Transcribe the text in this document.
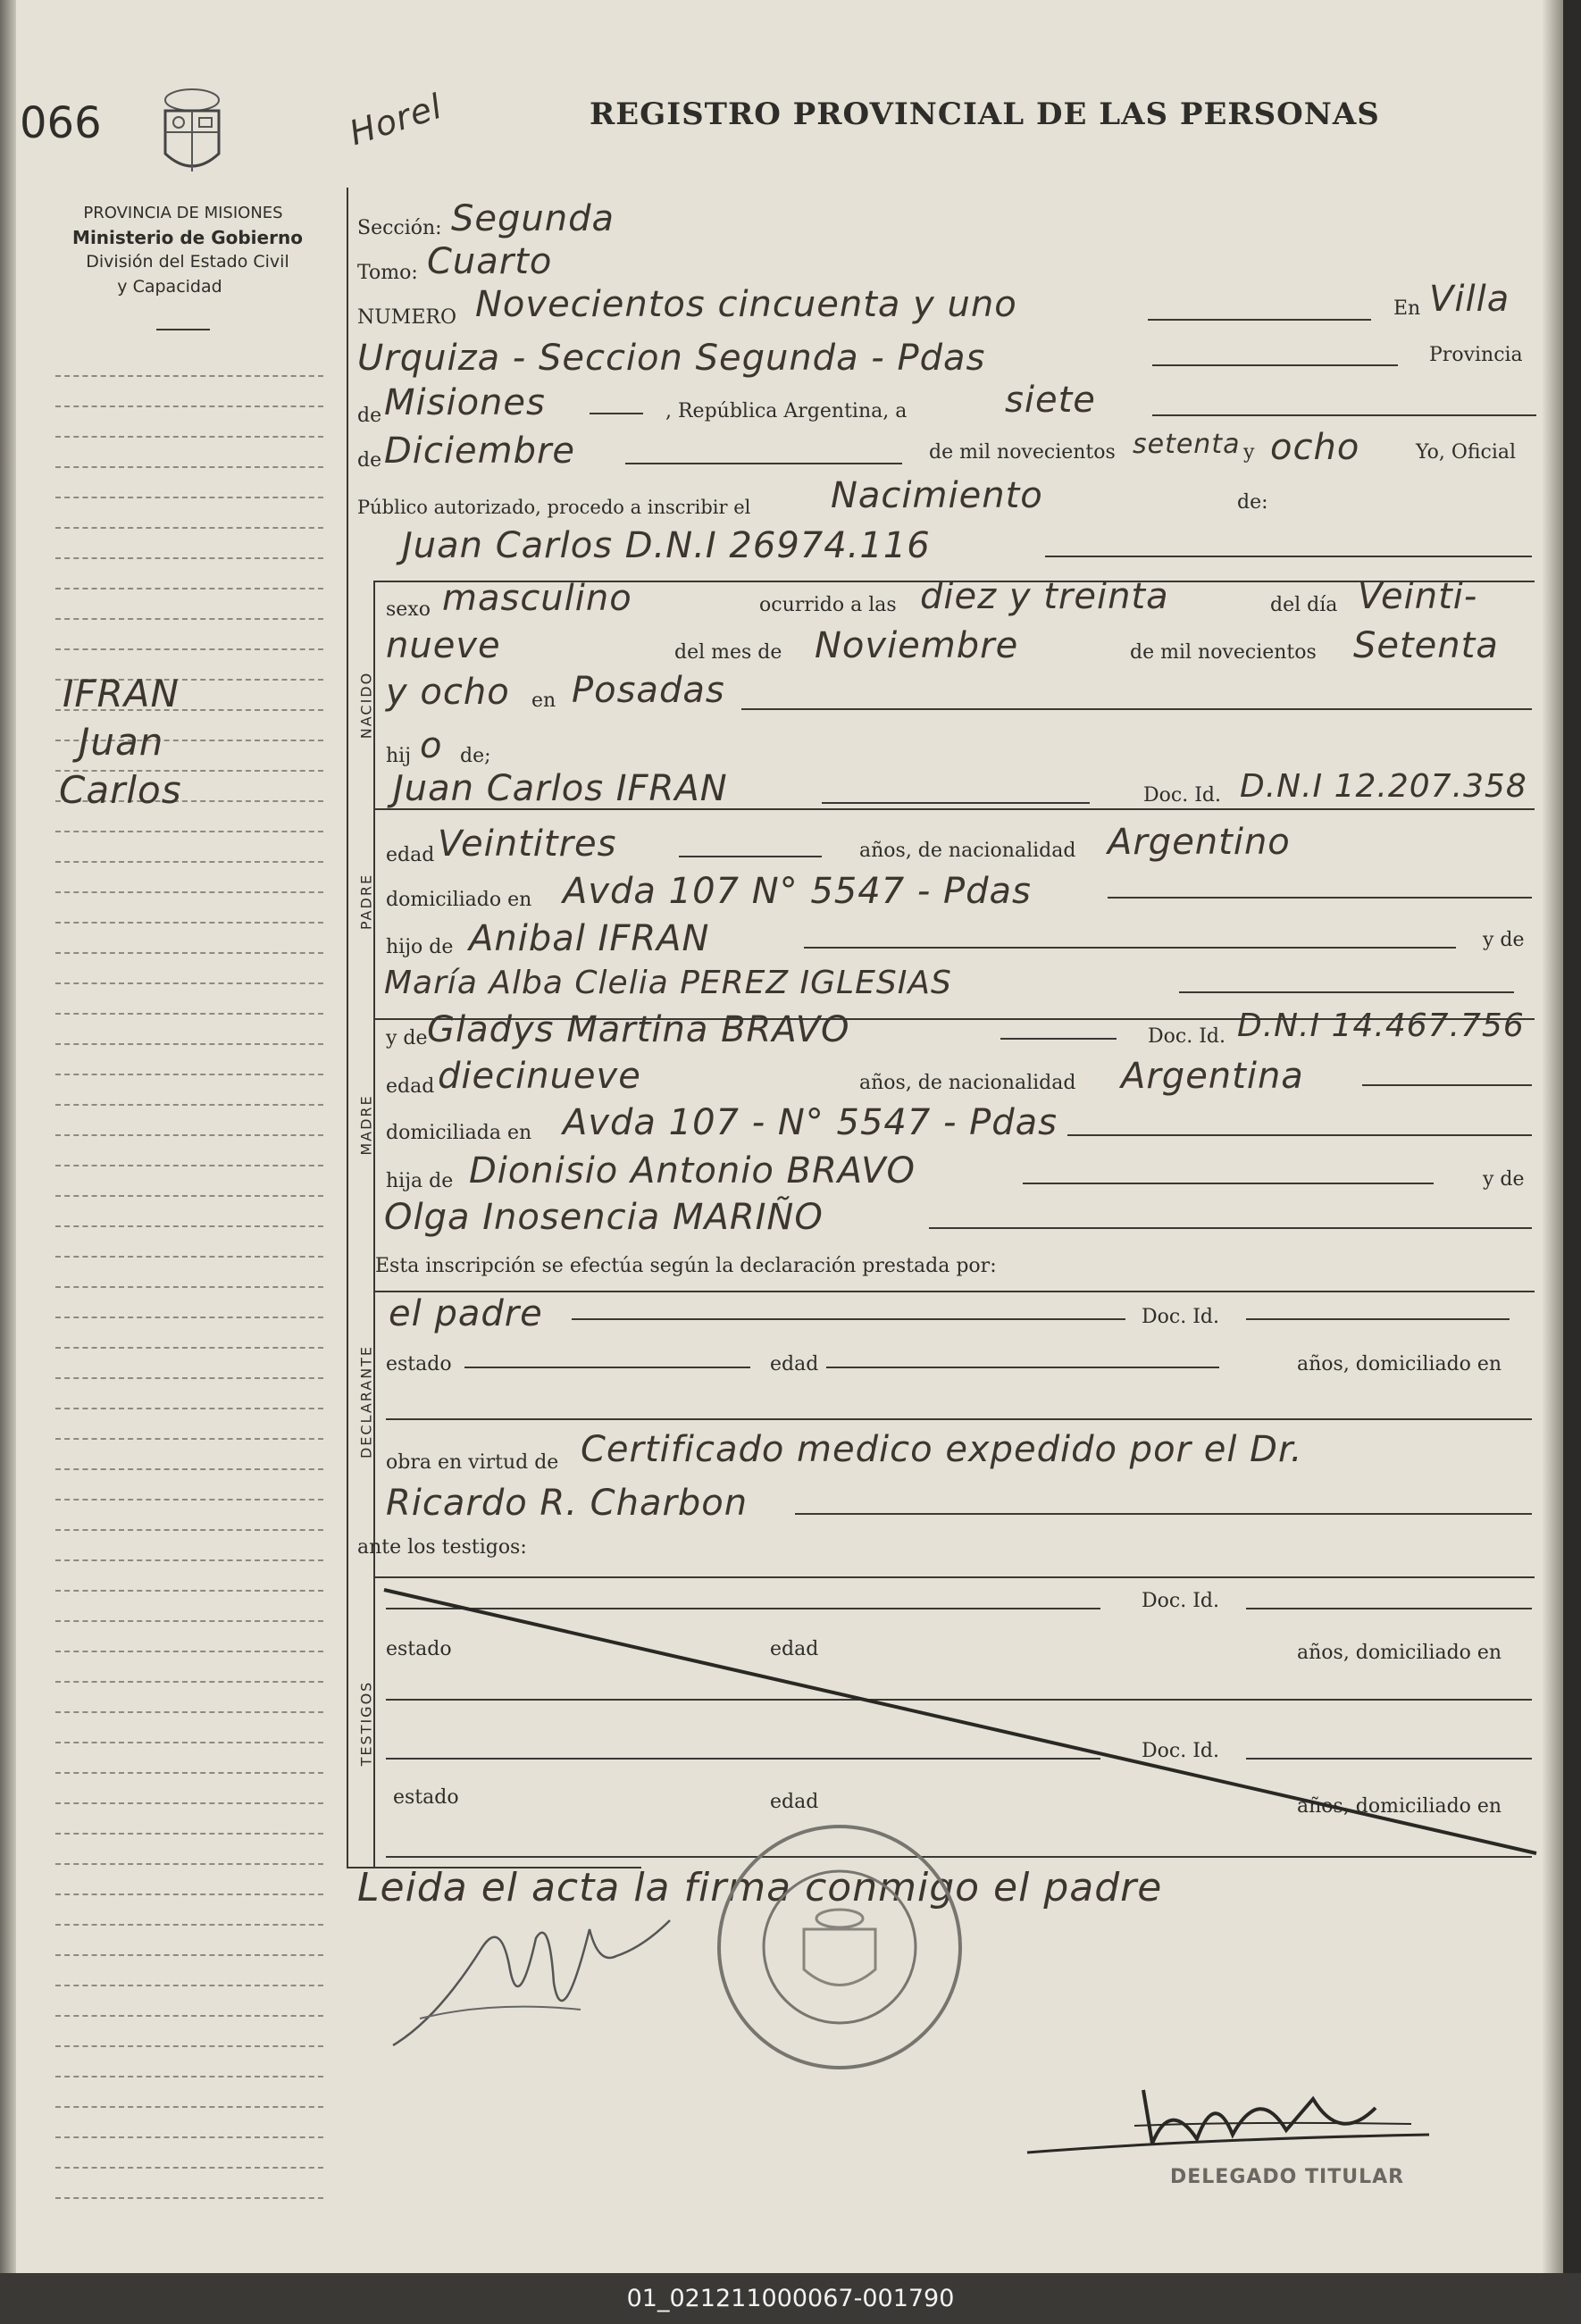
066	Horel	REGISTRO PROVINCIAL DE LAS PERSONAS
PROVINCIA DE MISIONES
Ministerio de Gobierno
División del Estado Civil
y Capacidad
IFRAN
Juan
Carlos
NACIDO
PADRE
MADRE
DECLARANTE
TESTIGOS
Sección: Segunda
Tomo: Cuarto
NUMERO Novecientos cincuenta y uno	En Villa
Urquiza - Seccion Segunda - Pdas	Provincia
de Misiones	, República Argentina, a	siete
de Diciembre	de mil novecientos setenta y ocho	Yo, Oficial
Público autorizado, procedo a inscribir el Nacimiento	de:
Juan Carlos D.N.I 26974.116
sexo masculino	ocurrido a las diez y treinta	del día Veinti-
nueve	del mes de Noviembre	de mil novecientos Setenta
y ocho en Posadas
hij o de;
Juan Carlos IFRAN	Doc. Id. D.N.I 12.207.358
edad Veintitres	años, de nacionalidad Argentino
domiciliado en Avda 107 N° 5547 - Pdas
hijo de Anibal IFRAN	y de
María Alba Clelia PEREZ IGLESIAS
y de Gladys Martina BRAVO	Doc. Id. D.N.I 14.467.756
edad diecinueve	años, de nacionalidad Argentina
domiciliada en Avda 107 - N° 5547 - Pdas
hija de Dionisio Antonio BRAVO	y de
Olga Inosencia MARIÑO
Esta inscripción se efectúa según la declaración prestada por:
el padre	Doc. Id.
estado	edad	años, domiciliado en
obra en virtud de Certificado medico expedido por el Dr.
Ricardo R. Charbon
ante los testigos:
Doc. Id.
estado	edad	años, domiciliado en
Doc. Id.
estado	edad	años, domiciliado en
Leida el acta la firma conmigo el padre
DELEGADO TITULAR
01_021211000067-001790
